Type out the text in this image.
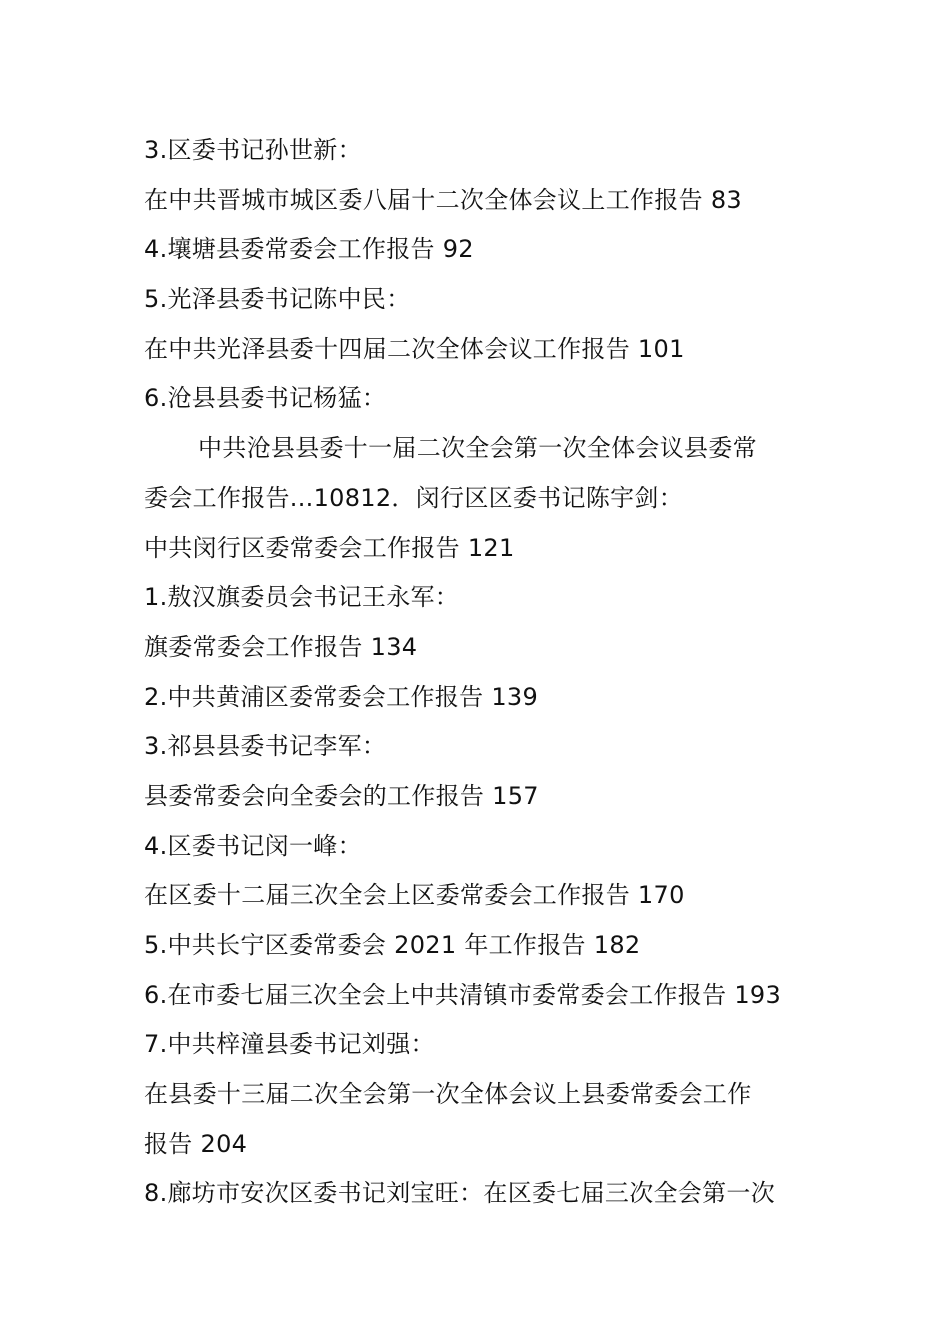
3.区委书记孙世新：
在中共晋城市城区委八届十二次全体会议上工作报告 83
4.壤塘县委常委会工作报告 92
5.光泽县委书记陈中民：
在中共光泽县委十四届二次全体会议工作报告 101
6.沧县县委书记杨猛：
中共沧县县委十一届二次全会第一次全体会议县委常
委会工作报告...10812．闵行区区委书记陈宇剑：
中共闵行区委常委会工作报告 121
1.敖汉旗委员会书记王永军：
旗委常委会工作报告 134
2.中共黄浦区委常委会工作报告 139
3.祁县县委书记李军：
县委常委会向全委会的工作报告 157
4.区委书记闵一峰：
在区委十二届三次全会上区委常委会工作报告 170
5.中共长宁区委常委会 2021 年工作报告 182
6.在市委七届三次全会上中共清镇市委常委会工作报告 193
7.中共梓潼县委书记刘强：
在县委十三届二次全会第一次全体会议上县委常委会工作
报告 204
8.廊坊市安次区委书记刘宝旺：在区委七届三次全会第一次
